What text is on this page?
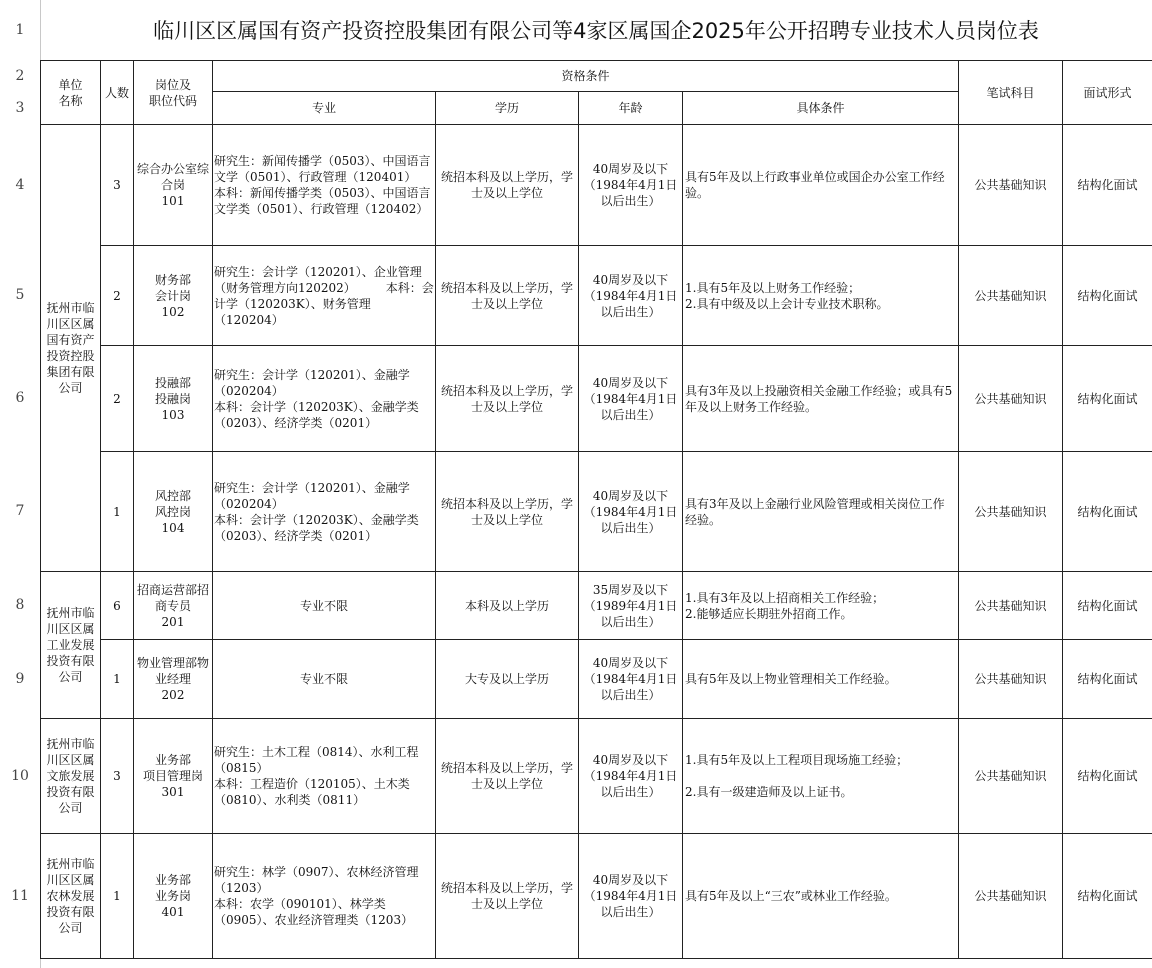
1
2
3
4
5
6
7
8
9
10
11
临川区区属国有资产投资控股集团有限公司等4家区属国企2025年公开招聘专业技术人员岗位表
单位
名称	人数	岗位及
职位代码	资格条件				笔试科目	面试形式
			专业	学历	年龄	具体条件		
抚州市临川区区属国有资产投资控股集团有限公司	3	综合办公室综合岗
101	研究生：新闻传播学（0503）、中国语言文学（0501）、行政管理（120401）
本科：新闻传播学类（0503）、中国语言文学类（0501）、行政管理（120402）	统招本科及以上学历，学士及以上学位	40周岁及以下（1984年4月1日以后出生）	具有5年及以上行政事业单位或国企办公室工作经验。	公共基础知识	结构化面试
	2	财务部
会计岗
102	研究生：会计学（120201）、企业管理（财务管理方向120202）　　　本科：会计学（120203K）、财务管理（120204）	统招本科及以上学历，学士及以上学位	40周岁及以下（1984年4月1日以后出生）	1.具有5年及以上财务工作经验；
2.具有中级及以上会计专业技术职称。	公共基础知识	结构化面试
	2	投融部
投融岗
103	研究生：会计学（120201）、金融学（020204）
本科：会计学（120203K）、金融学类（0203）、经济学类（0201）	统招本科及以上学历，学士及以上学位	40周岁及以下（1984年4月1日以后出生）	具有3年及以上投融资相关金融工作经验；或具有5年及以上财务工作经验。	公共基础知识	结构化面试
	1	风控部
风控岗
104	研究生：会计学（120201）、金融学（020204）
本科：会计学（120203K）、金融学类（0203）、经济学类（0201）	统招本科及以上学历，学士及以上学位	40周岁及以下（1984年4月1日以后出生）	具有3年及以上金融行业风险管理或相关岗位工作经验。	公共基础知识	结构化面试
抚州市临川区区属工业发展投资有限公司	6	招商运营部招商专员
201	专业不限	本科及以上学历	35周岁及以下（1989年4月1日以后出生）	1.具有3年及以上招商相关工作经验；
2.能够适应长期驻外招商工作。	公共基础知识	结构化面试
	1	物业管理部物业经理
202	专业不限	大专及以上学历	40周岁及以下（1984年4月1日以后出生）	具有5年及以上物业管理相关工作经验。	公共基础知识	结构化面试
抚州市临川区区属文旅发展投资有限公司	3	业务部
项目管理岗
301	研究生：土木工程（0814）、水利工程（0815）
本科：工程造价（120105）、土木类（0810）、水利类（0811）	统招本科及以上学历，学士及以上学位	40周岁及以下（1984年4月1日以后出生）	1.具有5年及以上工程项目现场施工经验；

2.具有一级建造师及以上证书。	公共基础知识	结构化面试
抚州市临川区区属农林发展投资有限公司	1	业务部
业务岗
401	研究生：林学（0907）、农林经济管理（1203）
本科：农学（090101）、林学类（0905）、农业经济管理类（1203）	统招本科及以上学历，学士及以上学位	40周岁及以下（1984年4月1日以后出生）	具有5年及以上“三农”或林业工作经验。	公共基础知识	结构化面试
